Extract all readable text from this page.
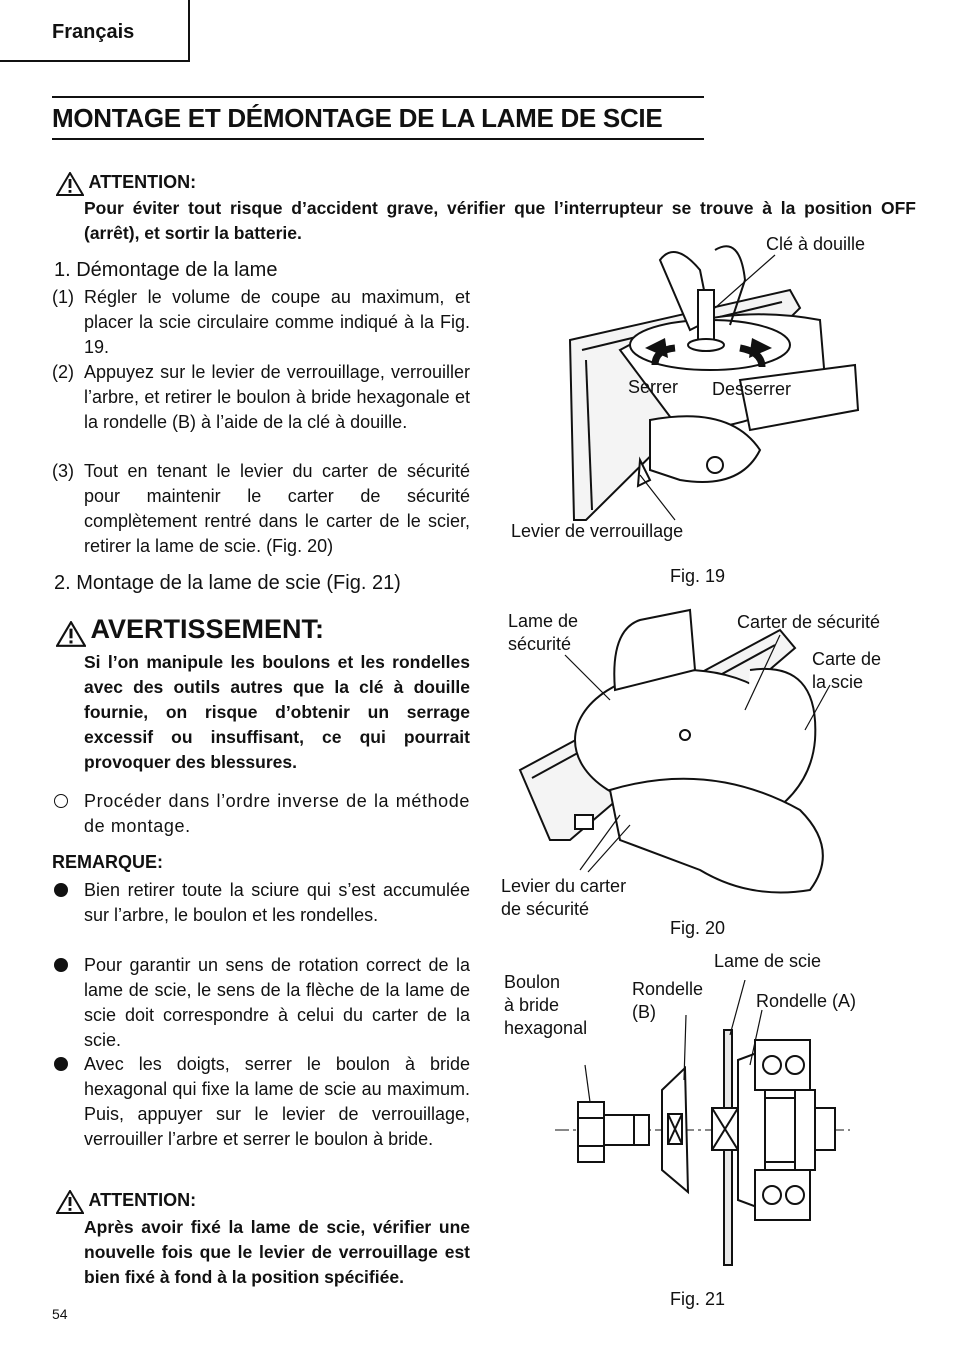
Français
MONTAGE ET DÉMONTAGE DE LA LAME DE SCIE
ATTENTION:
Pour éviter tout risque d’accident grave, vérifier que l’interrupteur se trouve à la position OFF (arrêt), et sortir la batterie.
1. Démontage de la lame
(1) Régler le volume de coupe au maximum, et placer la scie circulaire comme indiqué à la Fig. 19.
(2) Appuyez sur le levier de verrouillage, verrouiller l’arbre, et retirer le boulon à bride hexagonale et la rondelle (B) à l’aide de la clé à douille.
(3) Tout en tenant le levier du carter de sécurité pour maintenir le carter de sécurité complètement rentré dans le carter de le scier, retirer la lame de scie. (Fig. 20)
2. Montage de la lame de scie (Fig. 21)
AVERTISSEMENT:
Si l’on manipule les boulons et les rondelles avec des outils autres que la clé à douille fournie, on risque d’obtenir un serrage excessif ou insuffisant, ce qui pourrait provoquer des blessures.
Procéder dans l’ordre inverse de la méthode de montage.
REMARQUE:
Bien retirer toute la sciure qui s’est accumulée sur l’arbre, le boulon et les rondelles.
Pour garantir un sens de rotation correct de la lame de scie, le sens de la flèche de la lame de scie doit correspondre à celui du carter de la scie.
Avec les doigts, serrer le boulon à bride hexagonal qui fixe la lame de scie au maximum. Puis, appuyer sur le levier de verrouillage, verrouiller l’arbre et serrer le boulon à bride.
ATTENTION:
Après avoir fixé la lame de scie, vérifier une nouvelle fois que le levier de verrouillage est bien fixé à fond à la position spécifiée.
54
Clé à douille
Serrer Desserrer
Levier de verrouillage
Fig. 19
Lame de
sécurité
Carter de sécurité
Carte de
la scie
Levier du carter
de sécurité
Fig. 20
Boulon
à bride
hexagonal
Rondelle
(B)
Lame de scie
Rondelle (A)
Fig. 21
